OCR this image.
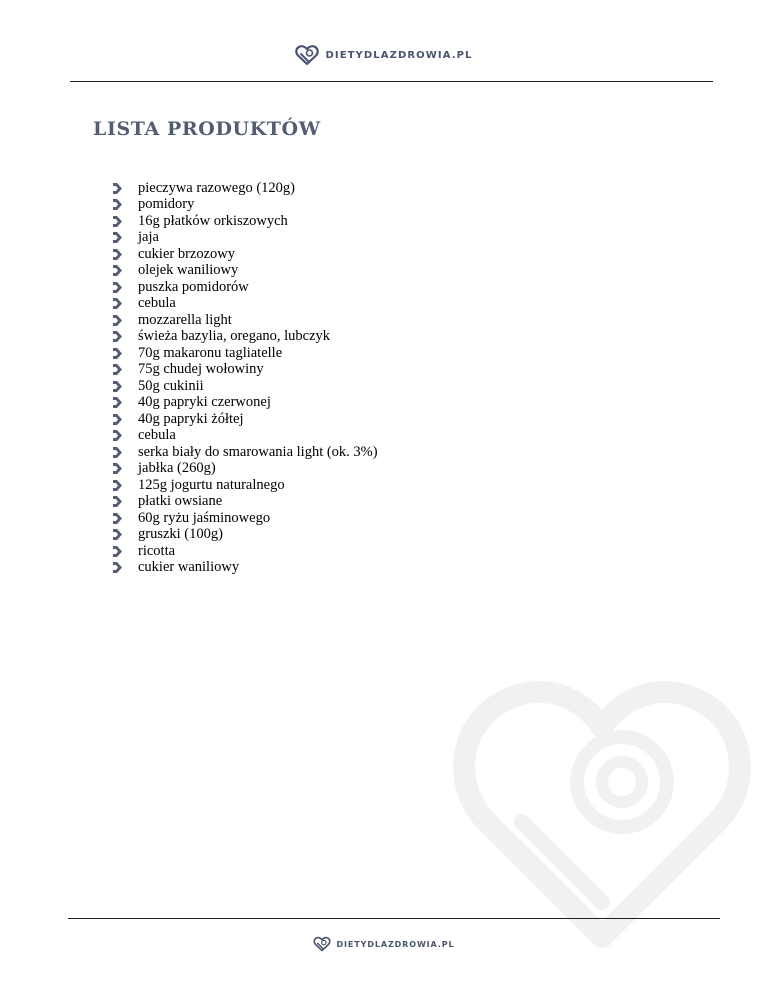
DIETYDLAZDROWIA.PL
LISTA PRODUKTÓW
pieczywa razowego (120g)
pomidory
16g płatków orkiszowych
jaja
cukier brzozowy
olejek waniliowy
puszka pomidorów
cebula
mozzarella light
świeża bazylia, oregano, lubczyk
70g makaronu tagliatelle
75g chudej wołowiny
50g cukinii
40g papryki czerwonej
40g papryki żółtej
cebula
serka biały do smarowania light (ok. 3%)
jabłka (260g)
125g jogurtu naturalnego
płatki owsiane
60g ryżu jaśminowego
gruszki (100g)
ricotta
cukier waniliowy
DIETYDLAZDROWIA.PL
